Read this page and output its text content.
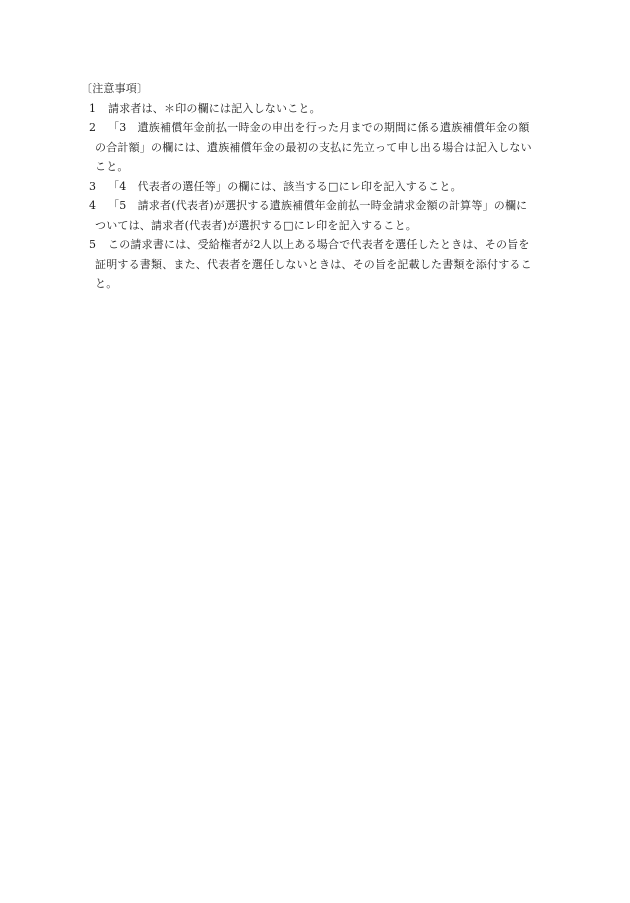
〔注意事項〕
1 請求者は、＊印の欄には記入しないこと。
2 「3　遺族補償年金前払一時金の申出を行った月までの期間に係る遺族補償年金の額
の合計額」の欄には、遺族補償年金の最初の支払に先立って申し出る場合は記入しない
こと。
3 「4　代表者の選任等」の欄には、該当する□にレ印を記入すること。
4 「5　請求者(代表者)が選択する遺族補償年金前払一時金請求金額の計算等」の欄に
ついては、請求者(代表者)が選択する□にレ印を記入すること。
5 この請求書には、受給権者が2人以上ある場合で代表者を選任したときは、その旨を
証明する書類、また、代表者を選任しないときは、その旨を記載した書類を添付するこ
と。
